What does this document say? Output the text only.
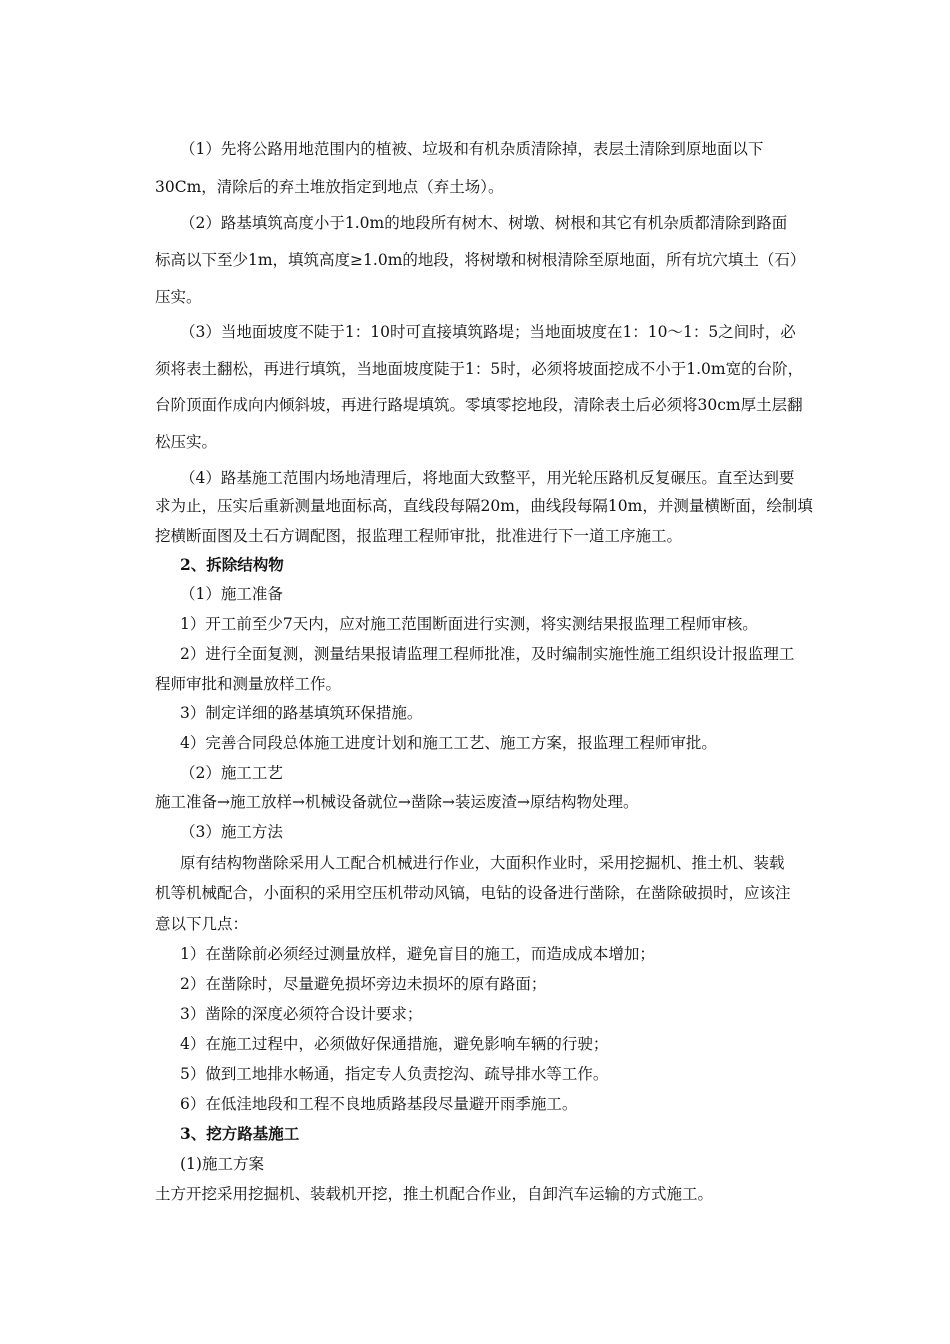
（1）先将公路用地范围内的植被、垃圾和有机杂质清除掉，表层土清除到原地面以下
30Cm，清除后的弃土堆放指定到地点（弃土场）。
（2）路基填筑高度小于1.0m的地段所有树木、树墩、树根和其它有机杂质都清除到路面
标高以下至少1m，填筑高度≥1.0m的地段，将树墩和树根清除至原地面，所有坑穴填土（石）
压实。
（3）当地面坡度不陡于1：10时可直接填筑路堤；当地面坡度在1：10～1：5之间时，必
须将表土翻松，再进行填筑，当地面坡度陡于1：5时，必须将坡面挖成不小于1.0m宽的台阶，
台阶顶面作成向内倾斜坡，再进行路堤填筑。零填零挖地段，清除表土后必须将30cm厚土层翻
松压实。
（4）路基施工范围内场地清理后，将地面大致整平，用光轮压路机反复碾压。直至达到要
求为止，压实后重新测量地面标高，直线段每隔20m，曲线段每隔10m，并测量横断面，绘制填
挖横断面图及土石方调配图，报监理工程师审批，批准进行下一道工序施工。
2、拆除结构物
（1）施工准备
1）开工前至少7天内，应对施工范围断面进行实测，将实测结果报监理工程师审核。
2）进行全面复测，测量结果报请监理工程师批准，及时编制实施性施工组织设计报监理工
程师审批和测量放样工作。
3）制定详细的路基填筑环保措施。
4）完善合同段总体施工进度计划和施工工艺、施工方案，报监理工程师审批。
（2）施工工艺
施工准备→施工放样→机械设备就位→凿除→装运废渣→原结构物处理。
（3）施工方法
原有结构物凿除采用人工配合机械进行作业，大面积作业时，采用挖掘机、推土机、装载
机等机械配合，小面积的采用空压机带动风镐，电钻的设备进行凿除，在凿除破损时，应该注
意以下几点：
1）在凿除前必须经过测量放样，避免盲目的施工，而造成成本增加；
2）在凿除时，尽量避免损坏旁边未损坏的原有路面；
3）凿除的深度必须符合设计要求；
4）在施工过程中，必须做好保通措施，避免影响车辆的行驶；
5）做到工地排水畅通，指定专人负责挖沟、疏导排水等工作。
6）在低洼地段和工程不良地质路基段尽量避开雨季施工。
3、挖方路基施工
(1)施工方案
土方开挖采用挖掘机、装载机开挖，推土机配合作业，自卸汽车运输的方式施工。
